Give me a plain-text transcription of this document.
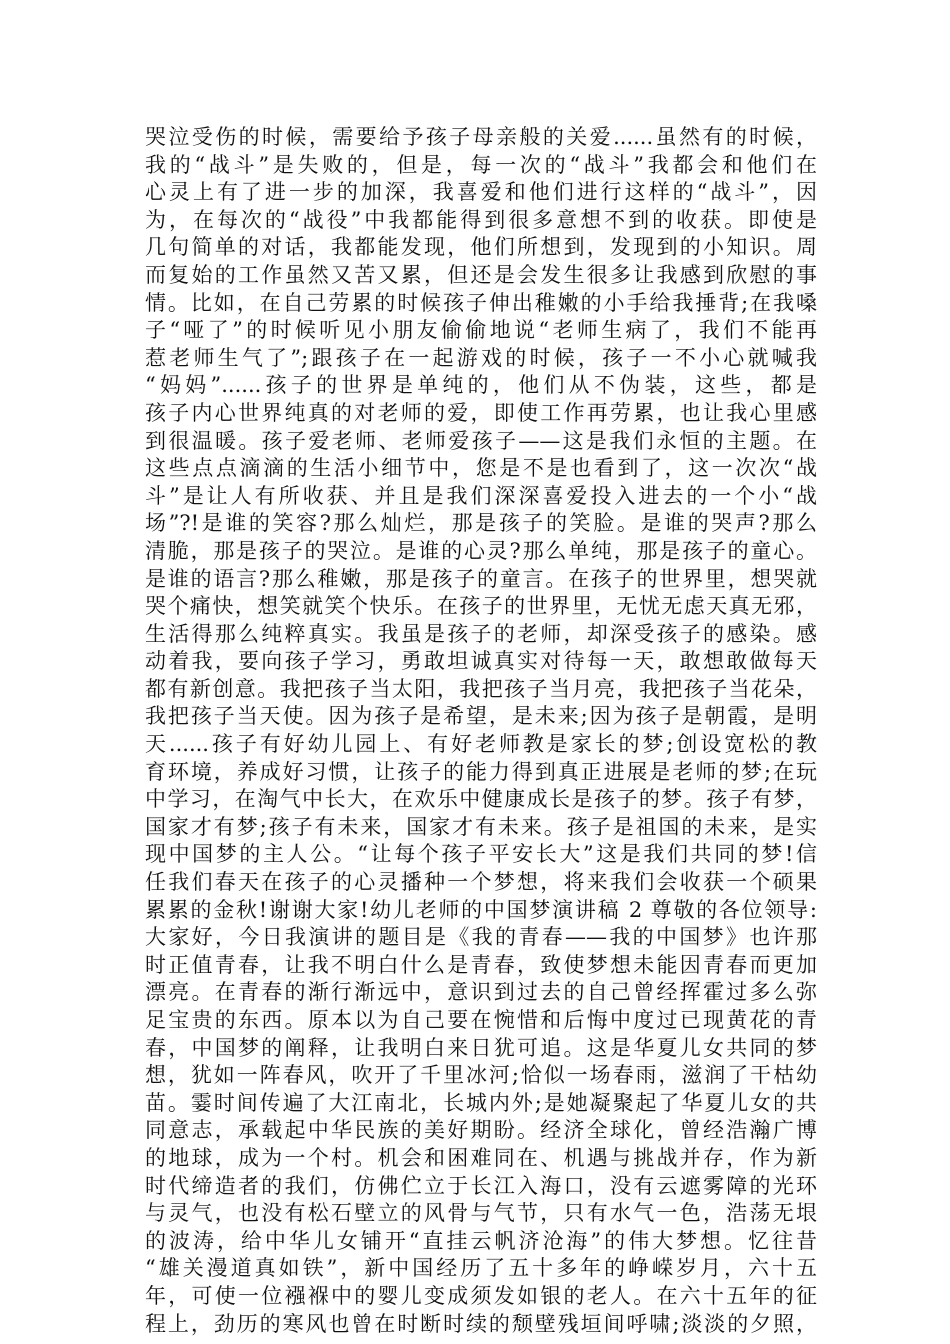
哭泣受伤的时候，需要给予孩子母亲般的关爱......虽然有的时候，
我的“战斗”是失败的，但是，每一次的“战斗”我都会和他们在
心灵上有了进一步的加深，我喜爱和他们进行这样的“战斗”，因
为，在每次的“战役”中我都能得到很多意想不到的收获。即使是
几句简单的对话，我都能发现，他们所想到，发现到的小知识。周
而复始的工作虽然又苦又累，但还是会发生很多让我感到欣慰的事
情。比如，在自己劳累的时候孩子伸出稚嫩的小手给我捶背;在我嗓
子“哑了”的时候听见小朋友偷偷地说“老师生病了，我们不能再
惹老师生气了”;跟孩子在一起游戏的时候，孩子一不小心就喊我
“妈妈”......孩子的世界是单纯的，他们从不伪装，这些，都是
孩子内心世界纯真的对老师的爱，即使工作再劳累，也让我心里感
到很温暖。孩子爱老师、老师爱孩子——这是我们永恒的主题。在
这些点点滴滴的生活小细节中，您是不是也看到了，这一次次“战
斗”是让人有所收获、并且是我们深深喜爱投入进去的一个小“战
场”?!是谁的笑容?那么灿烂，那是孩子的笑脸。是谁的哭声?那么
清脆，那是孩子的哭泣。是谁的心灵?那么单纯，那是孩子的童心。
是谁的语言?那么稚嫩，那是孩子的童言。在孩子的世界里，想哭就
哭个痛快，想笑就笑个快乐。在孩子的世界里，无忧无虑天真无邪，
生活得那么纯粹真实。我虽是孩子的老师，却深受孩子的感染。感
动着我，要向孩子学习，勇敢坦诚真实对待每一天，敢想敢做每天
都有新创意。我把孩子当太阳，我把孩子当月亮，我把孩子当花朵，
我把孩子当天使。因为孩子是希望，是未来;因为孩子是朝霞，是明
天......孩子有好幼儿园上、有好老师教是家长的梦;创设宽松的教
育环境，养成好习惯，让孩子的能力得到真正进展是老师的梦;在玩
中学习，在淘气中长大，在欢乐中健康成长是孩子的梦。孩子有梦，
国家才有梦;孩子有未来，国家才有未来。孩子是祖国的未来，是实
现中国梦的主人公。“让每个孩子平安长大”这是我们共同的梦!信
任我们春天在孩子的心灵播种一个梦想，将来我们会收获一个硕果
累累的金秋!谢谢大家!幼儿老师的中国梦演讲稿 2 尊敬的各位领导:
大家好，今日我演讲的题目是《我的青春——我的中国梦》也许那
时正值青春，让我不明白什么是青春，致使梦想未能因青春而更加
漂亮。在青春的渐行渐远中，意识到过去的自己曾经挥霍过多么弥
足宝贵的东西。原本以为自己要在惋惜和后悔中度过已现黄花的青
春，中国梦的阐释，让我明白来日犹可追。这是华夏儿女共同的梦
想，犹如一阵春风，吹开了千里冰河;恰似一场春雨，滋润了干枯幼
苗。霎时间传遍了大江南北，长城内外;是她凝聚起了华夏儿女的共
同意志，承载起中华民族的美好期盼。经济全球化，曾经浩瀚广博
的地球，成为一个村。机会和困难同在、机遇与挑战并存，作为新
时代缔造者的我们，仿佛伫立于长江入海口，没有云遮雾障的光环
与灵气，也没有松石壁立的风骨与气节，只有水气一色，浩荡无垠
的波涛，给中华儿女铺开“直挂云帆济沧海”的伟大梦想。忆往昔
“雄关漫道真如铁”，新中国经历了五十多年的峥嵘岁月，六十五
年，可使一位襁褓中的婴儿变成须发如银的老人。在六十五年的征
程上，劲历的寒风也曾在时断时续的颓壁残垣间呼啸;淡淡的夕照，
